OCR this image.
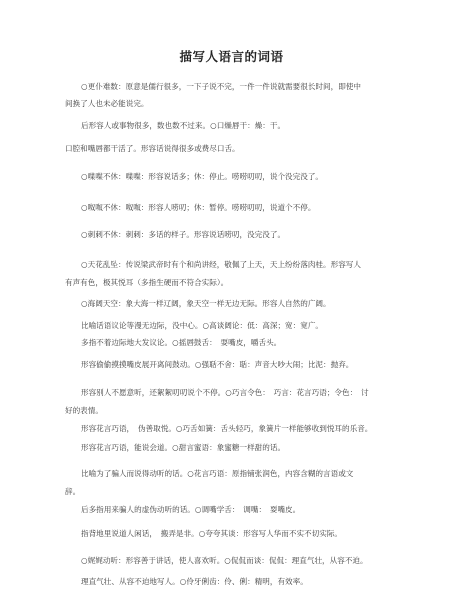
描写人语言的词语
○更仆难数：原意是儒行很多，一下子说不完，一件一件说就需要很长时间，即使中
间换了人也未必能说完。
后形容人或事物很多，数也数不过来。○口燥唇干：燥：干。
口腔和嘴唇都干活了。形容话说得很多或费尽口舌。
○喋喋不休：喋喋：形容说话多；休：停止。唠唠叨叨，说个没完没了。
○呶呶不休：呶呶：形容人唠叨；休：暂停。唠唠叨叨，说道个不停。
○刺刺不休：刺刺：多话的样子。形容说话唠叨，没完没了。
○天花乱坠：传说梁武帝时有个和尚讲经，敬佩了上天，天上纷纷落肉桂。形容写人
有声有色，极其悦耳（多指生硬而不符合实际）。
○海阔天空：象大海一样辽阔，象天空一样无边无际。形容人自然的广阔。
比喻话语议论等漫无边际，没中心。○高谈阔论：低：高深；宽：宽广。
多指不着边际地大发议论。○摇唇鼓舌：　耍嘴皮，嚼舌头。
形容偷偷摸摸嘴皮展开离间鼓动。○强聒不舍：聒：声音大吵大闹；比泥：抛弃。
形容别人不愿意听，还絮絮叨叨说个不停。○巧言令色：　巧言：花言巧语；令色：　讨
好的表情。
形容花言巧语，　伪善取悦。○巧舌如簧：舌头轻巧，象簧片一样能够收到悦耳的乐音。
形容花言巧语，能说会道。○甜言蜜语：象蜜糖一样甜的话。
比喻为了骗人而说得动听的话。○花言巧语：原指铺张润色，内容含糊的言语或文
辞。
后多指用来骗人的虚伪动听的话。○调嘴学舌：　调嘴：　耍嘴皮。
指背地里说道人闲话，　搬弄是非。○夸夸其谈：形容写人华而不实不切实际。
○娓娓动听：形容善于讲话，使人喜欢听。○侃侃而谈：侃侃：理直气壮，从容不迫。
理直气壮、从容不迫地写人。○伶牙俐齿：伶、俐：精明，有效率。
